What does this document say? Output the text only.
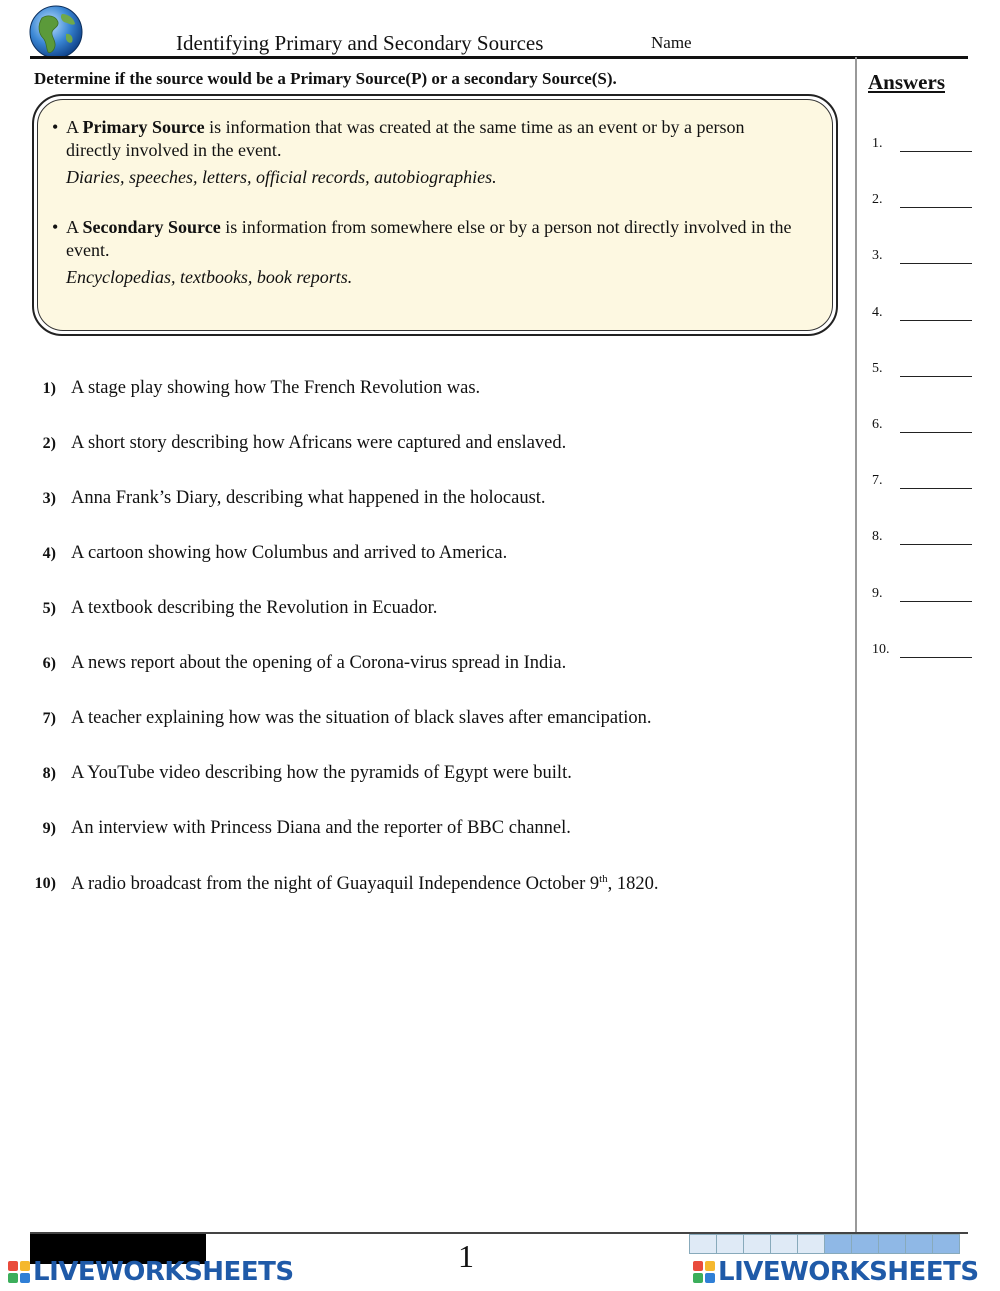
Identifying Primary and Secondary Sources	Name
Determine if the source would be a Primary Source(P) or a secondary Source(S).
• A Primary Source is information that was created at the same time as an event or by a person directly involved in the event.
Diaries, speeches, letters, official records, autobiographies.
• A Secondary Source is information from somewhere else or by a person not directly involved in the event.
Encyclopedias, textbooks, book reports.
1) A stage play showing how The French Revolution was.
2) A short story describing how Africans were captured and enslaved.
3) Anna Frank’s Diary, describing what happened in the holocaust.
4) A cartoon showing how Columbus and arrived to America.
5) A textbook describing the Revolution in Ecuador.
6) A news report about the opening of a Corona-virus spread in India.
7) A teacher explaining how was the situation of black slaves after emancipation.
8) A YouTube video describing how the pyramids of Egypt were built.
9) An interview with Princess Diana and the reporter of BBC channel.
10) A radio broadcast from the night of Guayaquil Independence October 9th, 1820.
Answers
1.
2.
3.
4.
5.
6.
7.
8.
9.
10.
1
LIVEWORKSHEETS	LIVEWORKSHEETS
